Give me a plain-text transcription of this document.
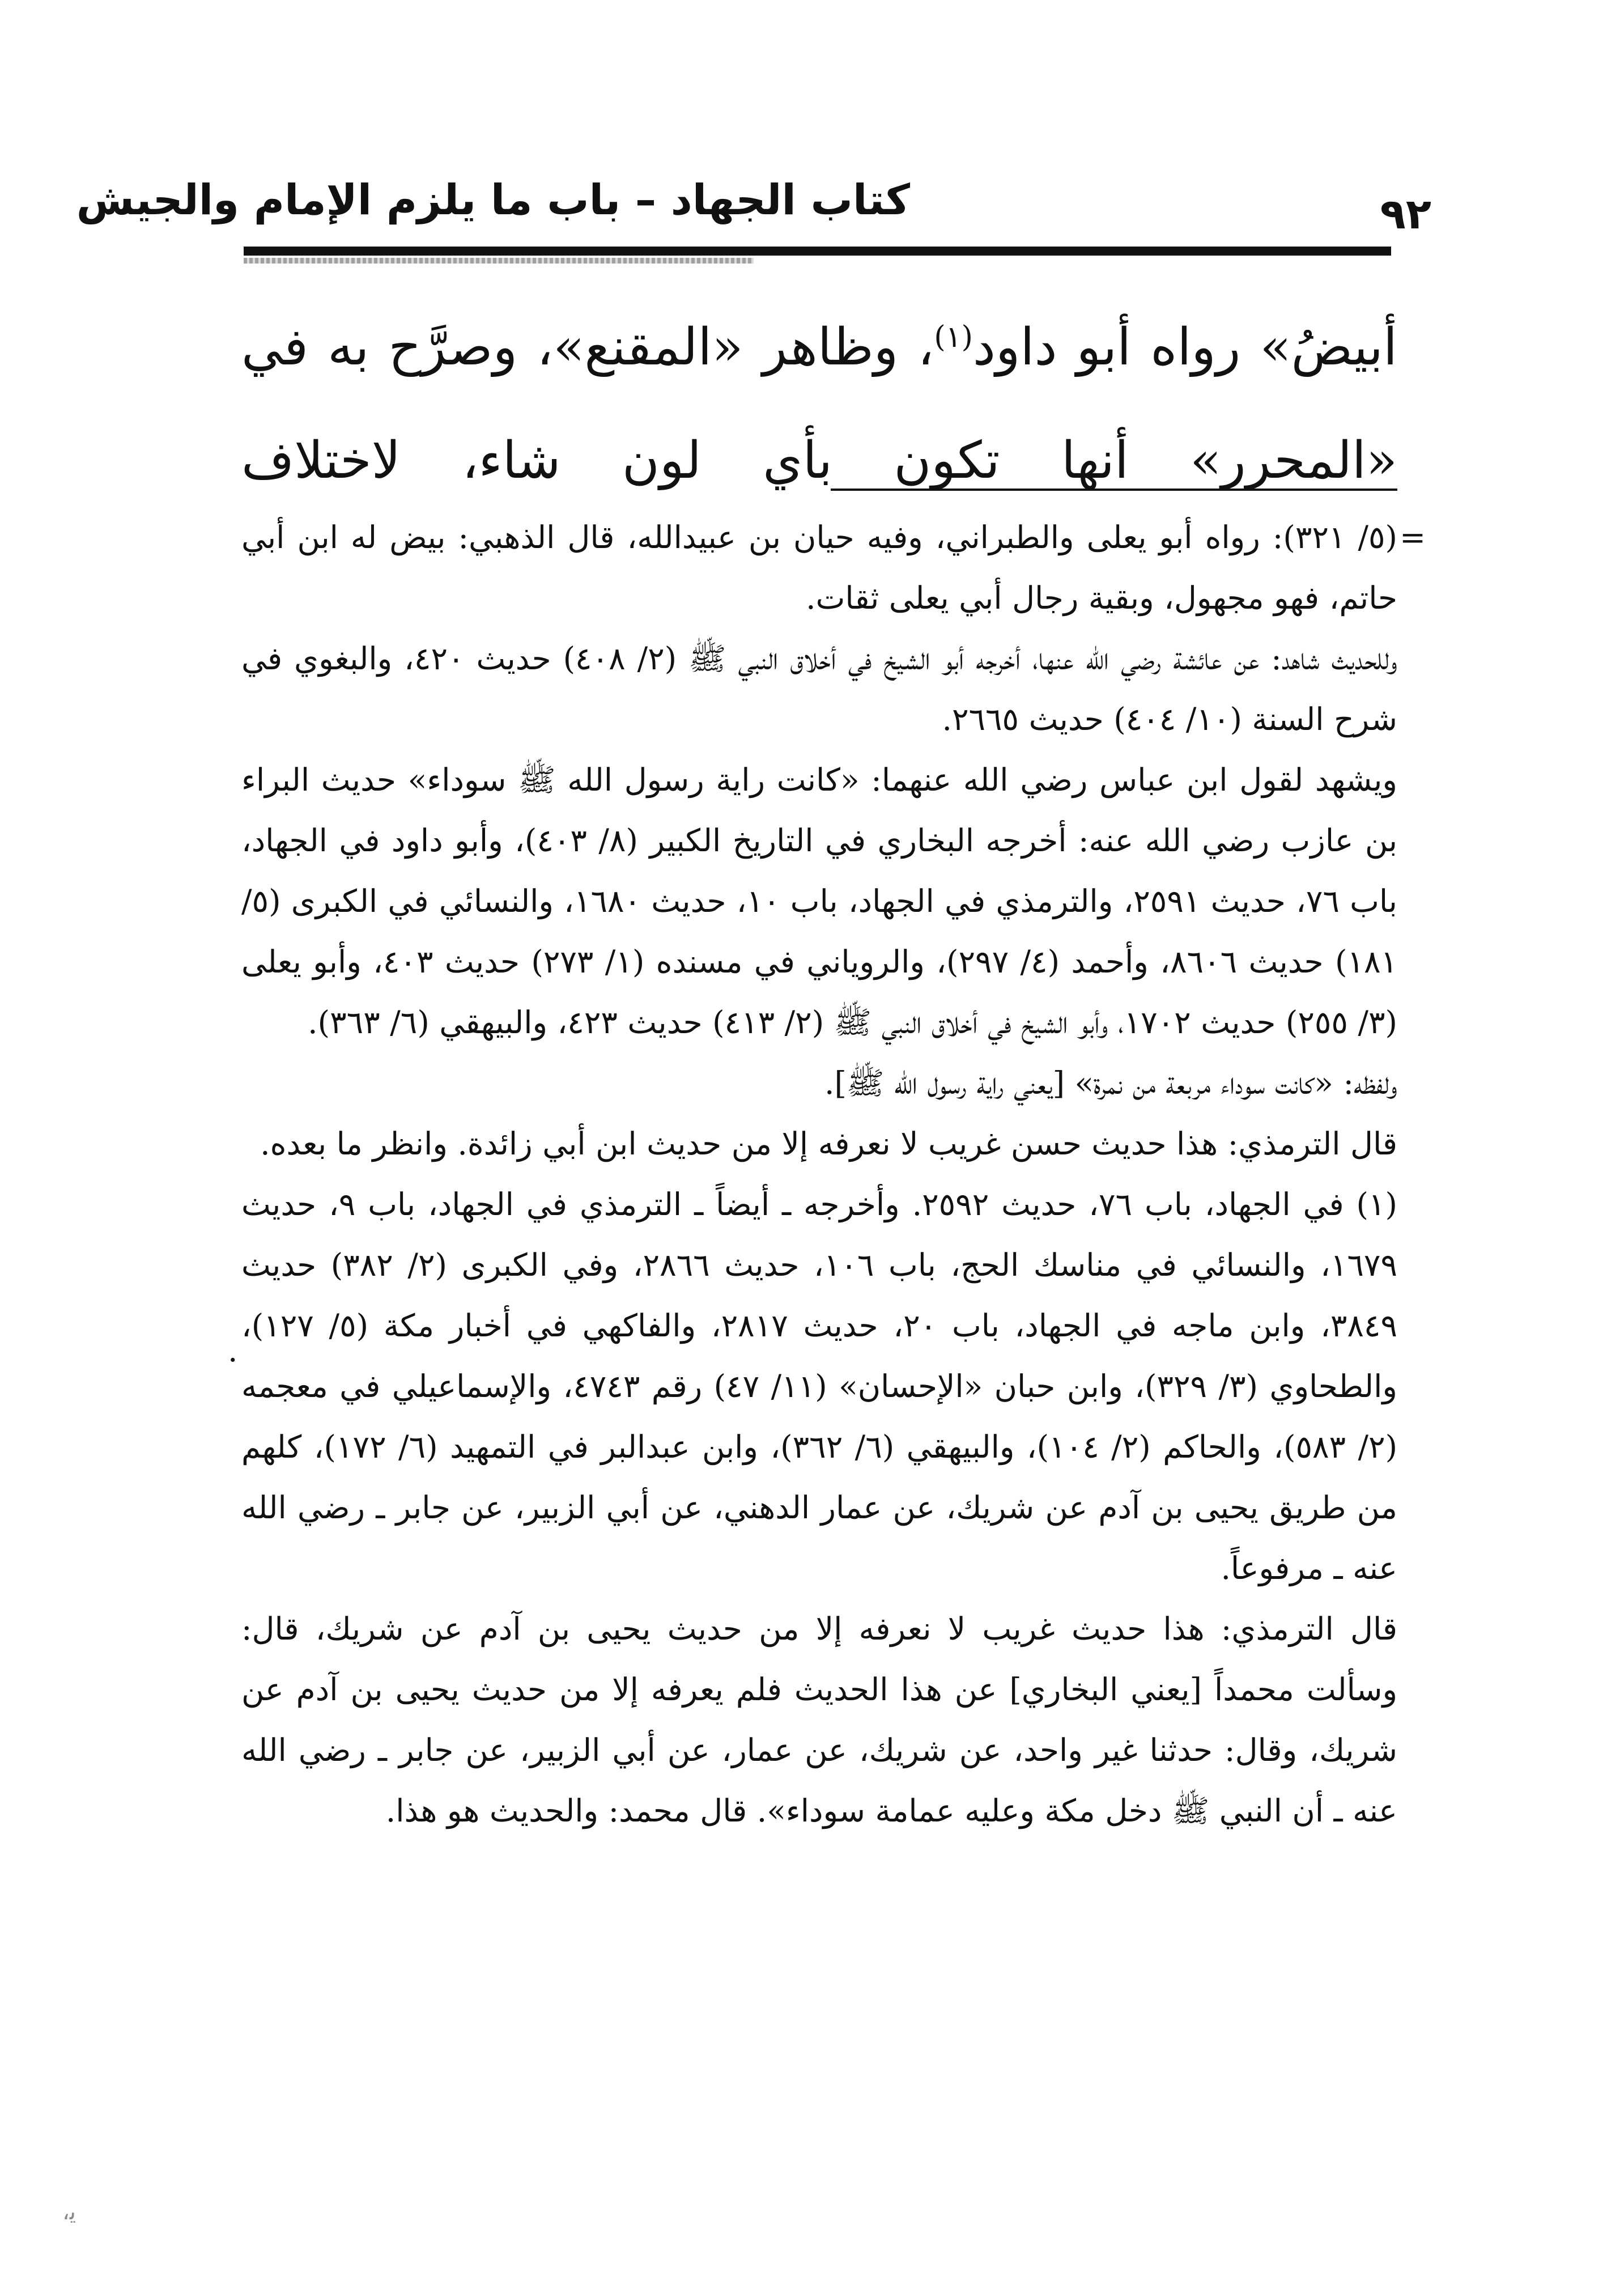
كتاب الجهاد – باب ما يلزم الإمام والجيش	٩٢
أبيضُ» رواه أبو داود$^{(١)}$، وظاهر «المقنع»، وصرَّح به في «المحرر» أنها تكون بأي لون شاء، لاختلاف
=
.

(٥/ ٣٢١): رواه أبو يعلى والطبراني، وفيه حيان بن عبيدالله، قال الذهبي: بيض له ابن أبي حاتم، فهو مجهول، وبقية رجال أبي يعلى ثقات.

وللحديث شاهد: عن عائشة رضي الله عنها، أخرجه أبو الشيخ في أخلاق النبي ﷺ (٢/ ٤٠٨) حديث ٤٢٠، والبغوي في شرح السنة (١٠/ ٤٠٤) حديث ٢٦٦٥.

ويشهد لقول ابن عباس رضي الله عنهما: «كانت راية رسول الله ﷺ سوداء» حديث البراء بن عازب رضي الله عنه: أخرجه البخاري في التاريخ الكبير (٨/ ٤٠٣)، وأبو داود في الجهاد، باب ٧٦، حديث ٢٥٩١، والترمذي في الجهاد، باب ١٠، حديث ١٦٨٠، والنسائي في الكبرى (٥/ ١٨١) حديث ٨٦٠٦، وأحمد (٤/ ٢٩٧)، والروياني في مسنده (١/ ٢٧٣) حديث ٤٠٣، وأبو يعلى (٣/ ٢٥٥) حديث ١٧٠٢، وأبو الشيخ في أخلاق النبي ﷺ (٢/ ٤١٣) حديث ٤٢٣، والبيهقي (٦/ ٣٦٣).

ولفظه: «كانت سوداء مربعة من نمرة» [يعني راية رسول الله ﷺ].

قال الترمذي: هذا حديث حسن غريب لا نعرفه إلا من حديث ابن أبي زائدة. وانظر ما بعده.

(١) في الجهاد، باب ٧٦، حديث ٢٥٩٢. وأخرجه ـ أيضاً ـ الترمذي في الجهاد، باب ٩، حديث ١٦٧٩، والنسائي في مناسك الحج، باب ١٠٦، حديث ٢٨٦٦، وفي الكبرى (٢/ ٣٨٢) حديث ٣٨٤٩، وابن ماجه في الجهاد، باب ٢٠، حديث ٢٨١٧، والفاكهي في أخبار مكة (٥/ ١٢٧)، والطحاوي (٣/ ٣٢٩)، وابن حبان «الإحسان» (١١/ ٤٧) رقم ٤٧٤٣، والإسماعيلي في معجمه (٢/ ٥٨٣)، والحاكم (٢/ ١٠٤)، والبيهقي (٦/ ٣٦٢)، وابن عبدالبر في التمهيد (٦/ ١٧٢)، كلهم من طريق يحيى بن آدم عن شريك، عن عمار الدهني، عن أبي الزبير، عن جابر ـ رضي الله عنه ـ مرفوعاً.

قال الترمذي: هذا حديث غريب لا نعرفه إلا من حديث يحيى بن آدم عن شريك، قال: وسألت محمداً [يعني البخاري] عن هذا الحديث فلم يعرفه إلا من حديث يحيى بن آدم عن شريك، وقال: حدثنا غير واحد، عن شريك، عن عمار، عن أبي الزبير، عن جابر ـ رضي الله عنه ـ أن النبي ﷺ دخل مكة وعليه عمامة سوداء». قال محمد: والحديث هو هذا.

ﻳ،
